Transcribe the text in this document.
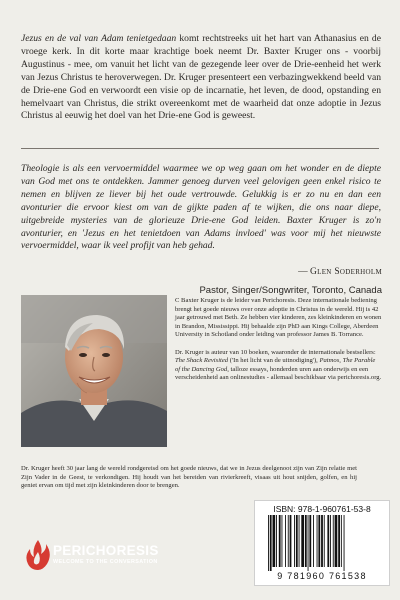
Jezus en de val van Adam tenietgedaan komt rechtstreeks uit het hart van Athanasius en de vroege kerk. In dit korte maar krachtige boek neemt Dr. Baxter Kruger ons - voorbij Augustinus - mee, om vanuit het licht van de gezegende leer over de Drie-eenheid het werk van Jezus Christus te heroverwegen. Dr. Kruger presenteert een verbazingwekkend beeld van de Drie-ene God en verwoordt een visie op de incarnatie, het leven, de dood, opstanding en hemelvaart van Christus, die strikt overeenkomt met de waarheid dat onze adoptie in Jezus Christus al eeuwig het doel van het Drie-ene God is geweest.
Theologie is als een vervoermiddel waarmee we op weg gaan om het wonder en de diepte van God met ons te ontdekken. Jammer genoeg durven veel gelovigen geen enkel risico te nemen en blijven ze liever bij het oude vertrouwde. Gelukkig is er zo nu en dan een avonturier die ervoor kiest om van de gijkte paden af te wijken, die ons naar diepe, uitgebreide mysteries van de glorieuze Drie-ene God leiden. Baxter Kruger is zo'n avonturier, en 'Jezus en het tenietdoen van Adams invloed' was voor mij het nieuwste vervoermiddel, waar ik veel profijt van heb gehad.
— Glen Soderholm
Pastor, Singer/Songwriter, Toronto, Canada

C Baxter Kruger is de leider van Perichoresis. Deze internationale bediening brengt het goede nieuws over onze adoptie in Christus in de wereld. Hij is 42 jaar getrouwd met Beth. Ze hebben vier kinderen, zes kleinkinderen en wonen in Brandon, Mississippi. Hij behaalde zijn PhD aan Kings College, Aberdeen University in Schotland onder leiding van professor James B. Torrance.

Dr. Kruger is auteur van 10 boeken, waaronder de internationale bestsellers: The Shack Revisited ('In het licht van de uitnodiging'), Patmos, The Parable of the Dancing God, talloze essays, honderden uren aan onderwijs en een verscheidenheid aan onlinestudies - allemaal beschikbaar via perichoresis.org.

Dr. Kruger heeft 30 jaar lang de wereld rondgereisd om het goede nieuws, dat we in Jezus deelgenoot zijn van Zijn relatie met Zijn Vader in de Geest, te verkondigen. Hij houdt van het bereiden van rivierkreeft, visaas uit hout snijden, golfen, en hij geniet ervan om tijd met zijn kleinkinderen door te brengen.
PERICHORESIS
WELCOME TO THE CONVERSATION
ISBN: 978-1-960761-53-8
9 781960 761538
